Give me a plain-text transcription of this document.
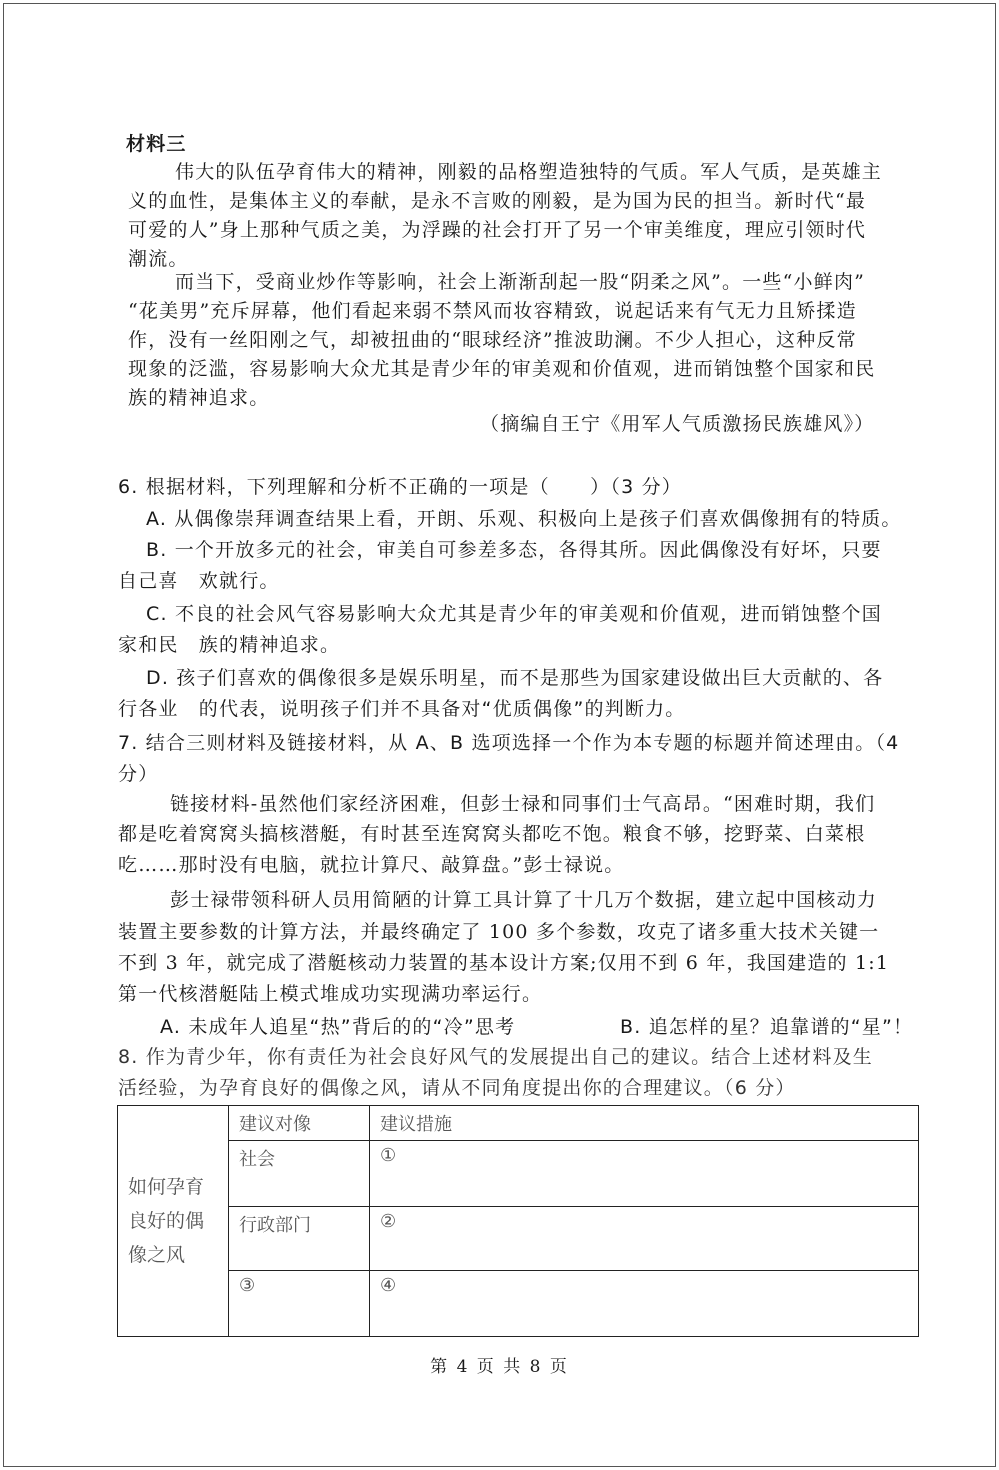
材料三
伟大的队伍孕育伟大的精神，刚毅的品格塑造独特的气质。军人气质，是英雄主
义的血性，是集体主义的奉献，是永不言败的刚毅，是为国为民的担当。新时代“最
可爱的人”身上那种气质之美，为浮躁的社会打开了另一个审美维度，理应引领时代
潮流。
而当下，受商业炒作等影响，社会上渐渐刮起一股“阴柔之风”。一些“小鲜肉”
“花美男”充斥屏幕，他们看起来弱不禁风而妆容精致，说起话来有气无力且矫揉造
作，没有一丝阳刚之气，却被扭曲的“眼球经济”推波助澜。不少人担心，这种反常
现象的泛滥，容易影响大众尤其是青少年的审美观和价值观，进而销蚀整个国家和民
族的精神追求。
（摘编自王宁《用军人气质激扬民族雄风》）
6. 根据材料，下列理解和分析不正确的一项是（　　）（3 分）
A. 从偶像崇拜调查结果上看，开朗、乐观、积极向上是孩子们喜欢偶像拥有的特质。
B. 一个开放多元的社会，审美自可参差多态，各得其所。因此偶像没有好坏，只要
自己喜　欢就行。
C. 不良的社会风气容易影响大众尤其是青少年的审美观和价值观，进而销蚀整个国
家和民　族的精神追求。
D. 孩子们喜欢的偶像很多是娱乐明星，而不是那些为国家建设做出巨大贡献的、各
行各业　的代表，说明孩子们并不具备对“优质偶像”的判断力。
7. 结合三则材料及链接材料，从 A、B 选项选择一个作为本专题的标题并简述理由。（4
分）
链接材料-虽然他们家经济困难，但彭士禄和同事们士气高昂。“困难时期，我们
都是吃着窝窝头搞核潜艇，有时甚至连窝窝头都吃不饱。粮食不够，挖野菜、白菜根
吃……那时没有电脑，就拉计算尺、敲算盘。”彭士禄说。
彭士禄带领科研人员用简陋的计算工具计算了十几万个数据，建立起中国核动力
装置主要参数的计算方法，并最终确定了 100 多个参数，攻克了诸多重大技术关键一
不到 3 年，就完成了潜艇核动力装置的基本设计方案;仅用不到 6 年，我国建造的 1:1
第一代核潜艇陆上模式堆成功实现满功率运行。
A. 未成年人追星“热”背后的的“冷”思考	B. 追怎样的星？追靠谱的“星”！
8. 作为青少年，你有责任为社会良好风气的发展提出自己的建议。结合上述材料及生
活经验，为孕育良好的偶像之风，请从不同角度提出你的合理建议。（6 分）
如何孕育良好的偶像之风	建议对像	建议措施
	社会	①
	行政部门	②
	③	④
第 4 页 共 8 页
